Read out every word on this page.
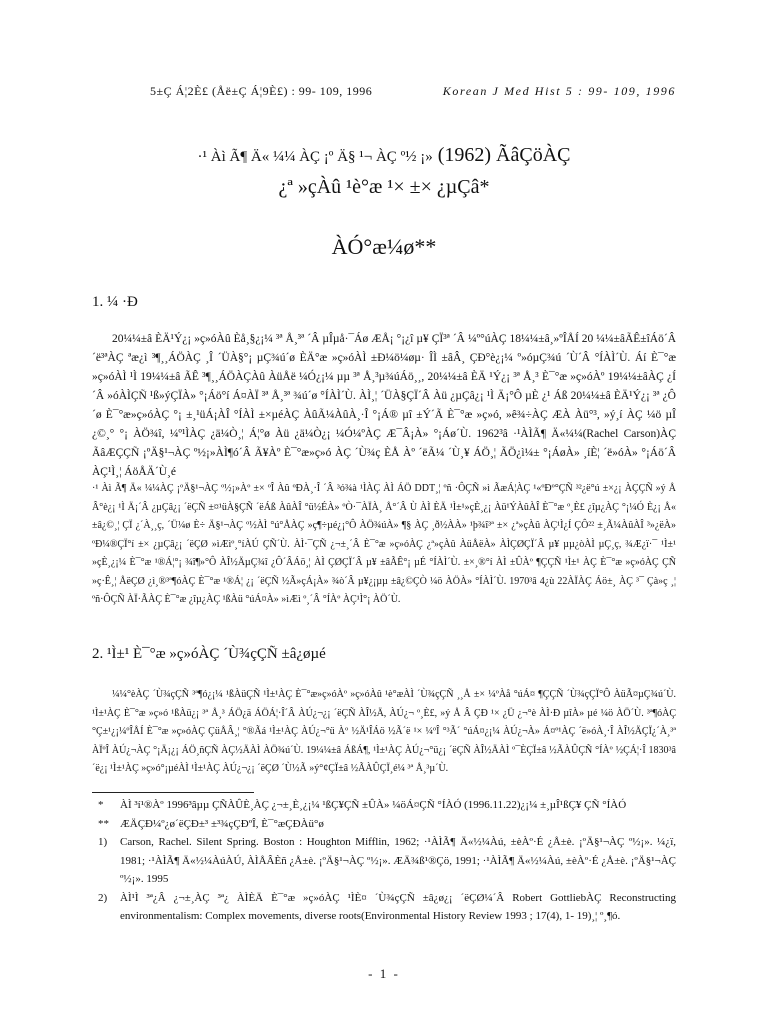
5±Ç Á¦2È£ (Åë±Ç Á¦9È£) : 99- 109, 1996	Korean J Med Hist 5 : 99- 109, 1996
·¹ Àì Ã¶ Ä« ¼¼ ÀÇ ¡º Ä§ ¹¬ ÀÇ º½ ¡» (1962) ÃâÇöÀÇ
¿ª »çÀû ¹è°æ ¹× ±× ¿µÇâ*
ÀÓ°æ¼ø**
1. ¼ ·Ð

20¼¼±â ÈÄ¹Ý¿¡ »ç»óÀû Èå¸§¿¡¼ ³ª Å¸³ª ´Â µÎµå·¯Áø ÆÅ¡ °¡¿î µ¥ ÇÏ³ª ´Â ¼º°úÀÇ 18¼¼±â¸»ºÎÅÍ 20 ¼¼±âÃÊ±îÁö´Â ´ë³ªÀÇ ªæ¿ì ³¶¸¸ÁÖÀÇ ¸Î ´ÜÀ§°¡ µÇ¾ú´ø ÈÄ°æ »ç»óÀÌ ±Ð¼ö¼øµ· ÎÌ ±âÂ¸ ÇÐ°è¿¡¼ º»óµÇ¾ú ´Ù´Â °ÍÀÌ´Ù. Áí È¯°æ »ç»óÀÌ ¹Ì 19¼¼±â ÃÊ ³¶¸¸ÁÖÀÇÀû ÀüÅë ¼Ó¿¡¼ µµ ³ª Å¸³µ¾úÁö¸¸, 20¼¼±â ÈÄ ¹Ý¿¡ ³ª Å¸³ È¯°æ »ç»óÀº 19¼¼±âÀÇ ¿Í´Â »óÀÌÇÑ ¹ß»ýÇÏÀ» °¡Áö°í Á¤ÀÏ ³ª Å¸³ª ¾ú´ø °ÍÀÌ´Ù. ÀÌ¸¦ ´ÜÀ§ÇÏ´Â Àü ¿µÇâ¿¡ ¹Ì Ä¡°Ô µÈ ¿¹ Áß 20¼¼±â ÈÄ¹Ý¿¡ ³ª ¿Ô´ø È¯°æ»ç»óÀÇ °¡ ±¸¹üÁ¡ÀÎ °ÍÀÌ ±×µéÀÇ ÀûÃ¼ÀûÀ¸·Î °¡Á® µî ±Ý´Ã È¯°æ »ç»ó, »ê¾÷ÀÇ ÆÀ Àü°³, »ý¸í ÀÇ ¼ö µÎ ¿©¸° °¡ ÀÖ¾î, ¼º¹ÌÀÇ ¿ä¼Ò¸¦ Á¦°ø Àü ¿ä¼Ò¿¡ ¼Ó¼ºÀÇ Æ¯Â¡À» °¡Áø´Ù. 1962³â ·¹ÀÌÃ¶ Ä«¼¼(Rachel Carson)ÀÇ ÃâÆÇÇÑ ¡ºÄ§¹¬ÀÇ º½¡»ÀÌ¶ó´Â Ã¥Àº È¯°æ»ç»ó ÀÇ ´Ù¾ç ÈÅ Àº ´ëÃ¼ ´Ù¸¥ ÁÖ¸¦ ÃÖ¿ì¼± °¡ÁøÀ» ¸íÈ¦ ´ë»óÀ» °¡Áö´Â ÀÇ¹Ì¸¦ ÁöÅÄ´Ù¸é

·¹ Àì Ã¶ Ä« ¼¼ÀÇ ¡ºÄ§¹¬ÀÇ º½¡»Àº ±× ºÎ Àû ºÐÀ¸·Î ´Â ³ó¾à ¹ÌÀÇ ÀÌ ÁÖ DDT¸¦ ºñ ·ÔÇÑ »ì ÃæÁ¦ÀÇ ¹«ºÐº°ÇÑ ³²¿ë°ú ±×¿¡ ÀÇÇÑ »ý Å Â°è¿¡ ¹Ì Ä¡´Â ¿µÇâ¿¡ ´ëÇÑ ±¤¹üÀ§ÇÑ ´ëÁß ÀûÀÎ °ü½ÉÀ» ºÒ·¯ÀÏÀ¸ Å°´Â Ù ÀÌ ÈÄ ¹Ì±¹»çÈ¸¿¡ Àü¹ÝÀûÀÎ È¯°æ º¸È£ ¿îµ¿ÀÇ °¡¼Ó È¿¡ Å« ±â¿©¸¦ ÇÏ ¿´À¸¸ç, ´Ü¼ø È÷ Ä§¹¬ÀÇ º½ÀÌ °ú°ÅÀÇ »ç¶÷µé¿¡°Ô ÀÖ¾úÀ» ¶§ ÀÇ ¸ð½ÀÀ» ¹þ¾î³ª ±× ¿ª»çÀû ÀÇ¹Ì¿Í ÇÔ²² ±¸Ã¼ÀûÀÎ ³»¿ëÀ» ºÐ¼®ÇÏ°í ±× ¿µÇâ¿¡ ´ëÇØ »ìÆìº¸°íÀÚ ÇÑ´Ù. ÀÌ·¯ÇÑ ¿¬±¸´Â È¯°æ »ç»óÀÇ ¿ª»çÀû ÀüÅëÀ» ÀÌÇØÇÏ´Â µ¥ µµ¿òÀÌ µÇ¸ç, ¾Æ¿ï·¯ ¹Ì±¹ »çÈ¸¿¡¼ È¯°æ ¹®Á¦°¡ ¾î¶»°Ô ÀÎ½ÄµÇ¾î ¿Ô´ÂÁö¸¦ ÀÌ ÇØÇÏ´Â µ¥ ±âÃÊ°¡ µÉ °ÍÀÌ´Ù. ±×¸®°í ÀÌ ±ÛÀº ¶ÇÇÑ ¹Ì±¹ ÀÇ È¯°æ »ç»óÀÇ ÇÑ »ç·Ê¸¦ ÅëÇØ ¿ì¸®³ª¶óÀÇ È¯°æ ¹®Á¦ ¿¡ ´ëÇÑ ½Ã»çÁ¡À» ¾ò´Â µ¥¿¡µµ ±â¿©ÇÒ ¼ö ÀÖÀ» °ÍÀÌ´Ù. 1970³â 4¿ù 22ÀÏÀÇ Áö±¸ ÀÇ ³¯ Çà»ç ¸¦ ºñ·ÔÇÑ ÀÏ·ÃÀÇ È¯°æ ¿îµ¿ÀÇ ¹ßÀü °úÁ¤À» »ìÆì º¸´Â °ÍÀº ÀÇ¹Ì°¡ ÀÖ´Ù.

2. ¹Ì±¹ È¯°æ »ç»óÀÇ ´Ù¾çÇÑ ±â¿øµé

¼¼°èÀÇ ´Ù¾çÇÑ ³ª¶ó¿¡¼ ¹ßÀüÇÑ ¹Ì±¹ÀÇ È¯°æ»ç»óÀº »ç»óÀû ¹è°æÀÌ ´Ù¾çÇÑ ¸¸Å ±× ¼ºÀå °úÁ¤ ¶ÇÇÑ ´Ù¾çÇÏ°Ô ÀüÃ¤µÇ¾ú´Ù. ¹Ì±¹ÀÇ È¯°æ »ç»ó ¹ßÀü¿¡ ³ª Å¸³ ÁÖ¿ä ÁÖÁ¦·Î´Â ÀÚ¿¬¿¡ ´ëÇÑ ÀÎ½Ä, ÀÚ¿¬ º¸È£, »ý Å Â ÇÐ ¹× ¿Ü ¿¬°è ÀÌ·Ð µîÀ» µé ¼ö ÀÖ´Ù. ³ª¶óÀÇ °Ç±¹¿¡¼ºÎÅÍ È¯°æ »ç»óÀÇ ÇüÅÂ¸¦ °®Ãá ¹Ì±¹ÀÇ ÀÚ¿¬°ü Àº ½Ä¹ÎÁö ½Ã´ë ¹× ¼ºÎ °³Ã´ °úÁ¤¿¡¼ ÀÚ¿¬À» Á¤º¹ÀÇ ´ë»óÀ¸·Î ÀÎ½ÄÇÏ¿´À¸³ª ÀÏºÎ ÀÚ¿¬ÀÇ °¡Ä¡¿¡ ÁÖ¸ñÇÑ ÀÇ½ÄÀÌ ÀÖ¾ú´Ù. 19¼¼±â ÁßÁ¶, ¹Ì±¹ÀÇ ÀÚ¿¬°ü¿¡ ´ëÇÑ ÀÎ½ÄÀÌ º¯ÈÇÏ±â ½ÃÀÛÇÑ °ÍÀº ½ÇÁ¦·Î 1830³â´ë¿¡ ¹Ì±¹ÀÇ »ç»ó°¡µéÀÌ ¹Ì±¹ÀÇ ÀÚ¿¬¿¡ ´ëÇØ ´Ù½Ã »ý°¢ÇÏ±â ½ÃÀÛÇÏ¸é¼ ³ª Å¸³µ´Ù.

* ÀÌ ³í¹®Àº 1996³âµµ ÇÑÀÛÈ¸ÀÇ ¿¬±¸È¸¿¡¼ ¹ßÇ¥ÇÑ ±ÛÀ» ¼öÁ¤ÇÑ °ÍÀÓ (1996.11.22)¿¡¼ ±¸µÎ¹ßÇ¥ ÇÑ °ÍÀÓ
** ÆÄÇÐ¼º¿ø´ëÇÐ±³ ±³¾çÇÐºÎ, È¯°æÇÐÀü°ø
1) Carson, Rachel. Silent Spring. Boston : Houghton Mifflin, 1962; ·¹ÀÌÃ¶ Ä«½¼Àú, ±èÀº·É ¿Å±è. ¡ºÄ§¹¬ÀÇ º½¡». ¼¿ï, 1981; ·¹ÀÌÃ¶ Ä«½¼ÀúÀÚ, ÀÌÅÂÈñ ¿Å±è. ¡ºÄ§¹¬ÀÇ º½¡». ÆÄ¾ß¹®Çö, 1991; ·¹ÀÌÃ¶ Ä«½¼Àú, ±èÀº·É ¿Å±è. ¡ºÄ§¹¬ÀÇ º½¡». 1995
2) ÀÌ¹Ì ³ª¿Â ¿¬±¸ÀÇ ³ª¿ ÀÌÈÄ È¯°æ »ç»óÀÇ ¹ÌÈ¤ ´Ù¾çÇÑ ±â¿ø¿¡ ´ëÇØ¼´Â Robert GottliebÀÇ Reconstructing environmentalism: Complex movements, diverse roots(Environmental History Review 1993 ; 17(4), 1- 19)¸¦ º¸¶ó.
- 1 -
